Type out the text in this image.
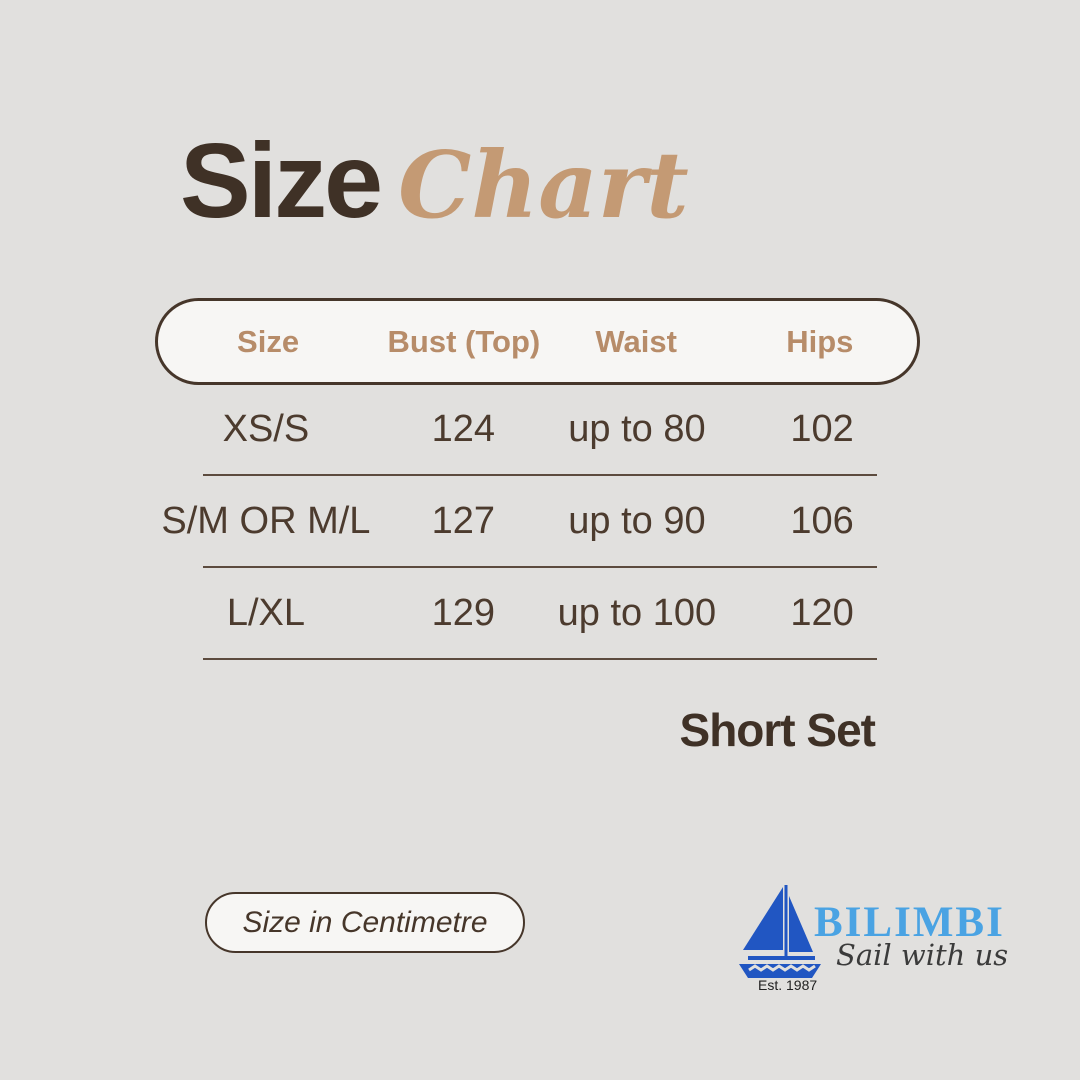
Size Chart
Size	Bust (Top)	Waist	Hips
XS/S	124	up to 80	102
S/M OR M/L	127	up to 90	106
L/XL	129	up to 100	120
Short Set
Size in Centimetre	BILIMBI
Sail with us
Est. 1987
